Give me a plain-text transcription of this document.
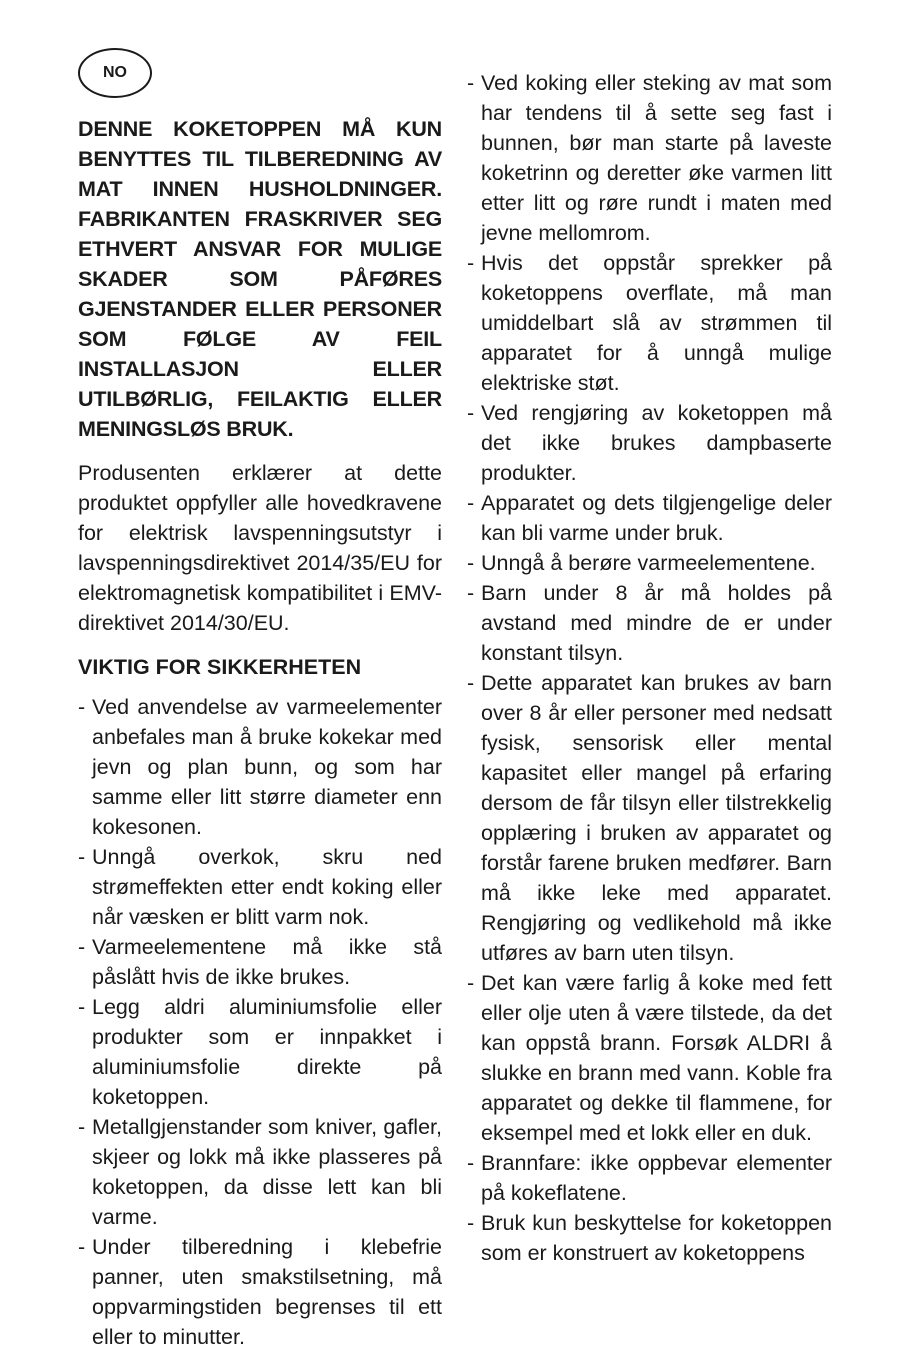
NO

DENNE KOKETOPPEN MÅ KUN BENYTTES TIL TILBEREDNING AV MAT INNEN HUSHOLDNINGER. FABRIKANTEN FRASKRIVER SEG ETHVERT ANSVAR FOR MULIGE SKADER SOM PÅFØRES GJENSTANDER ELLER PERSONER SOM FØLGE AV FEIL INSTALLASJON ELLER UTILBØRLIG, FEILAKTIG ELLER MENINGSLØS BRUK.

Produsenten erklærer at dette produktet oppfyller alle hovedkravene for elektrisk lavspenningsutstyr i lavspenningsdirektivet 2014/35/EU for elektromagnetisk kompatibilitet i EMV-direktivet 2014/30/EU.

VIKTIG FOR SIKKERHETEN

- Ved anvendelse av varmeelementer anbefales man å bruke kokekar med jevn og plan bunn, og som har samme eller litt større diameter enn kokesonen.
- Unngå overkok, skru ned strømeffekten etter endt koking eller når væsken er blitt varm nok.
- Varmeelementene må ikke stå påslått hvis de ikke brukes.
- Legg aldri aluminiumsfolie eller produkter som er innpakket i aluminiumsfolie direkte på koketoppen.
- Metallgjenstander som kniver, gafler, skjeer og lokk må ikke plasseres på koketoppen, da disse lett kan bli varme.
- Under tilberedning i klebefrie panner, uten smakstilsetning, må oppvarmingstiden begrenses til ett eller to minutter.
- Ved koking eller steking av mat som har tendens til å sette seg fast i bunnen, bør man starte på laveste koketrinn og deretter øke varmen litt etter litt og røre rundt i maten med jevne mellomrom.
- Hvis det oppstår sprekker på koketoppens overflate, må man umiddelbart slå av strømmen til apparatet for å unngå mulige elektriske støt.
- Ved rengjøring av koketoppen må det ikke brukes dampbaserte produkter.
- Apparatet og dets tilgjengelige deler kan bli varme under bruk.
- Unngå å berøre varmeelementene.
- Barn under 8 år må holdes på avstand med mindre de er under konstant tilsyn.
- Dette apparatet kan brukes av barn over 8 år eller personer med nedsatt fysisk, sensorisk eller mental kapasitet eller mangel på erfaring dersom de får tilsyn eller tilstrekkelig opplæring i bruken av apparatet og forstår farene bruken medfører. Barn må ikke leke med apparatet. Rengjøring og vedlikehold må ikke utføres av barn uten tilsyn.
- Det kan være farlig å koke med fett eller olje uten å være tilstede, da det kan oppstå brann. Forsøk ALDRI å slukke en brann med vann. Koble fra apparatet og dekke til flammene, for eksempel med et lokk eller en duk.
- Brannfare: ikke oppbevar elementer på kokeflatene.
- Bruk kun beskyttelse for koketoppen som er konstruert av koketoppens
